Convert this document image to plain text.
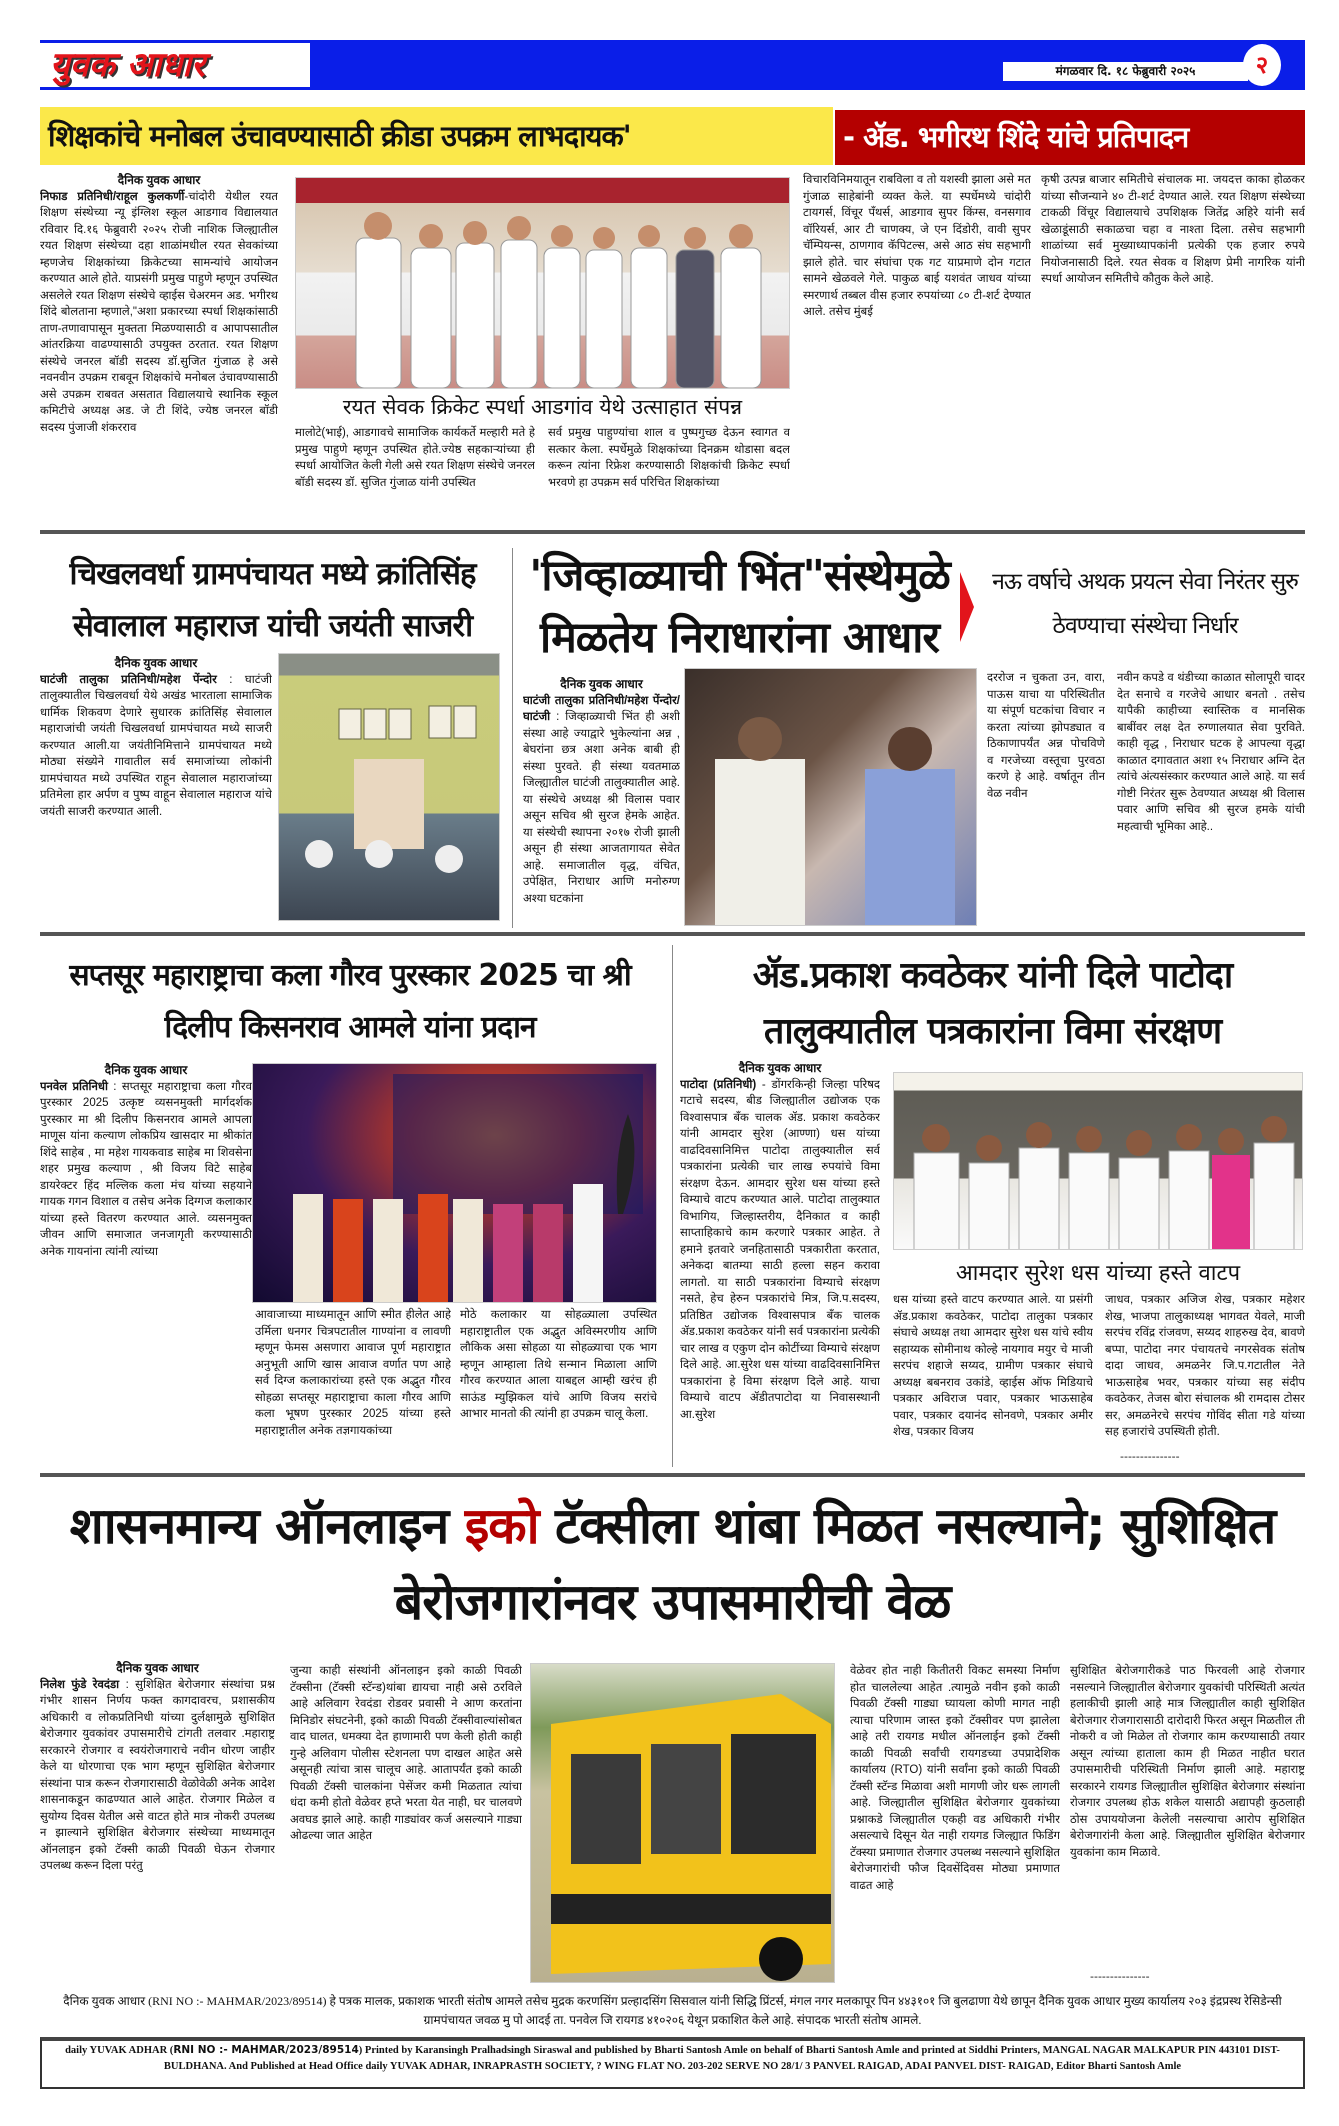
युवक आधार	मंगळवार दि. १८ फेब्रुवारी २०२५	२
शिक्षकांचे मनोबल उंचावण्यासाठी क्रीडा उपक्रम लाभदायक'	- ॲड. भगीरथ शिंदे यांचे प्रतिपादन
दैनिक युवक आधार
निफाड प्रतिनिधी/राहूल कुलकर्णी-चांदोरी येथील रयत शिक्षण संस्थेच्या न्यू इंग्लिश स्कूल आडगाव विद्यालयात रविवार दि.१६ फेब्रुवारी २०२५ रोजी नाशिक जिल्ह्यातील रयत शिक्षण संस्थेच्या दहा शाळांमधील रयत सेवकांच्या म्हणजेच शिक्षकांच्या क्रिकेटच्या सामन्यांचे आयोजन करण्यात आले होते. याप्रसंगी प्रमुख पाहुणे म्हणून उपस्थित असलेले रयत शिक्षण संस्थेचे व्हाईस चेअरमन अड. भगीरथ शिंदे बोलताना म्हणाले,"अशा प्रकारच्या स्पर्धा शिक्षकांसाठी ताण-तणावापासून मुक्तता मिळण्यासाठी व आपापसातील आंतरक्रिया वाढण्यासाठी उपयुक्त ठरतात. रयत शिक्षण संस्थेचे जनरल बॉडी सदस्य डॉ.सुजित गुंजाळ हे असे नवनवीन उपक्रम राबवून शिक्षकांचे मनोबल उंचावण्यासाठी असे उपक्रम राबवत असतात विद्यालयाचे स्थानिक स्कूल कमिटीचे अध्यक्ष अड. जे टी शिंदे, ज्येष्ठ जनरल बॉडी सदस्य पुंजाजी शंकरराव
रयत सेवक क्रिकेट स्पर्धा आडगांव येथे उत्साहात संपन्न
मालोटे(भाई), आडगावचे सामाजिक कार्यकर्ते मल्हारी मते हे प्रमुख पाहुणे म्हणून उपस्थित होते.ज्येष्ठ सहकाऱ्यांच्या ही स्पर्धा आयोजित केली गेली असे रयत शिक्षण संस्थेचे जनरल बॉडी सदस्य डॉ. सुजित गुंजाळ यांनी उपस्थित
सर्व प्रमुख पाहुण्यांचा शाल व पुष्पगुच्छ देऊन स्वागत व सत्कार केला. स्पर्धेमुळे शिक्षकांच्या दिनक्रम थोडासा बदल करून त्यांना रिफ्रेश करण्यासाठी शिक्षकांची क्रिकेट स्पर्धा भरवणे हा उपक्रम सर्व परिचित शिक्षकांच्या
विचारविनिमयातून राबविला व तो यशस्वी झाला असे मत गुंजाळ साहेबांनी व्यक्त केले. या स्पर्धेमध्ये चांदोरी टायगर्स, विंचूर पँथर्स, आडगाव सुपर किंग्स, वनसगाव वॉरियर्स, आर टी चाणक्य, जे एन दिंडोरी, वावी सुपर चॅम्पियन्स, ठाणगाव कॅपिटल्स, असे आठ संघ सहभागी झाले होते. चार संघांचा एक गट याप्रमाणे दोन गटात सामने खेळवले गेले. पाकुळ बाई यशवंत जाधव यांच्या स्मरणार्थ तब्बल वीस हजार रुपयांच्या ८० टी-शर्ट देण्यात आले. तसेच मुंबई
कृषी उत्पन्न बाजार समितीचे संचालक मा. जयदत्त काका होळकर यांच्या सौजन्याने ४० टी-शर्ट देण्यात आले. रयत शिक्षण संस्थेच्या टाकळी विंचूर विद्यालयाचे उपशिक्षक जितेंद्र अहिरे यांनी सर्व खेळाडूंसाठी सकाळचा चहा व नाश्ता दिला. तसेच सहभागी शाळांच्या सर्व मुख्याध्यापकांनी प्रत्येकी एक हजार रुपये नियोजनासाठी दिले. रयत सेवक व शिक्षण प्रेमी नागरिक यांनी स्पर्धा आयोजन समितीचे कौतुक केले आहे.
चिखलवर्धा ग्रामपंचायत मध्ये क्रांतिसिंह सेवालाल महाराज यांची जयंती साजरी
'जिव्हाळ्याची भिंत"संस्थेमुळे मिळतेय निराधारांना आधार
नऊ वर्षाचे अथक प्रयत्न सेवा निरंतर सुरु ठेवण्याचा संस्थेचा निर्धार
दैनिक युवक आधार
घाटंजी तालुका प्रतिनिधी/महेश पेंन्दोर : घाटंजी तालुक्यातील चिखलवर्धा येथे अखंड भारताला सामाजिक धार्मिक शिकवण देणारे सुधारक क्रांतिसिंह सेवालाल महाराजांची जयंती चिखलवर्धा ग्रामपंचायत मध्ये साजरी करण्यात आली.या जयंतीनिमित्ताने ग्रामपंचायत मध्ये मोठ्या संख्येने गावातील सर्व समाजांच्या लोकांनी ग्रामपंचायत मध्ये उपस्थित राहून सेवालाल महाराजांच्या प्रतिमेला हार अर्पण व पुष्प वाहून सेवालाल महाराज यांचे जयंती साजरी करण्यात आली.
दैनिक युवक आधार
घाटंजी तालुका प्रतिनिधी/महेश पेंन्दोर/घाटंजी : जिव्हाळ्याची भिंत ही अशी संस्था आहे ज्याद्वारे भुकेल्यांना अन्न , बेघरांना छत्र अशा अनेक बाबी ही संस्था पुरवते. ही संस्था यवतमाळ जिल्ह्यातील घाटंजी तालुक्यातील आहे. या संस्थेचे अध्यक्ष श्री विलास पवार असून सचिव श्री सुरज हेमके आहेत. या संस्थेची स्थापना २०१७ रोजी झाली असून ही संस्था आजतागायत सेवेत आहे. समाजातील वृद्ध, वंचित, उपेक्षित, निराधार आणि मनोरुग्ण अश्या घटकांना
दररोज न चुकता उन, वारा, पाऊस याचा या परिस्थितीत या संपूर्ण घटकांचा विचार न करता त्यांच्या झोपड्यात व ठिकाणापर्यंत अन्न पोचविणे व गरजेच्या वस्तूचा पुरवठा करणे हे आहे. वर्षातून तीन वेळ नवीन
नवीन कपडे व थंडीच्या काळात सोलापूरी चादर देत सनाचे व गरजेचे आधार बनतो . तसेच यापैकी काहीच्या स्वास्तिक व मानसिक बाबींवर लक्ष देत रुग्णालयात सेवा पुरविते. काही वृद्ध , निराधार घटक हे आपल्या वृद्धा काळात दगावतात अशा १५ निराधार अग्नि देत त्यांचे अंत्यसंस्कार करण्यात आले आहे. या सर्व गोष्टी निरंतर सुरू ठेवण्यात अध्यक्ष श्री विलास पवार आणि सचिव श्री सुरज हमके यांची महत्वाची भूमिका आहे..
सप्तसूर महाराष्ट्राचा कला गौरव पुरस्कार 2025 चा श्री दिलीप किसनराव आमले यांना प्रदान
ॲड.प्रकाश कवठेकर यांनी दिले पाटोदा तालुक्यातील पत्रकारांना विमा संरक्षण
दैनिक युवक आधार
पनवेल प्रतिनिधी : सप्तसूर महाराष्ट्राचा कला गौरव पुरस्कार 2025 उत्कृष्ट व्यसनमुक्ती मार्गदर्शक पुरस्कार मा श्री दिलीप किसनराव आमले आपला माणूस यांना कल्याण लोकप्रिय खासदार मा श्रीकांत शिंदे साहेब , मा महेश गायकवाड साहेब मा शिवसेना शहर प्रमुख कल्याण , श्री विजय विटे साहेब डायरेक्टर हिंद मल्लिक कला मंच यांच्या सहयाने गायक गगन विशाल व तसेच अनेक दिग्गज कलाकार यांच्या हस्ते वितरण करण्यात आले. व्यसनमुक्त जीवन आणि समाजात जनजागृती करण्यासाठी अनेक गायनांना त्यांनी त्यांच्या
आवाजाच्या माध्यमातून आणि स्मीत हीलेत आहे उर्मिला धनगर चित्रपटातील गाण्यांना व लावणी म्हणून फेमस असणारा आवाज पूर्ण महाराष्ट्रात अनुभूती आणि खास आवाज वर्णात पण आहे सर्व दिग्ज कलाकारांच्या हस्ते एक अद्भुत गौरव सोहळा सप्तसूर महाराष्ट्राचा काला गौरव आणि कला भूषण पुरस्कार 2025 यांच्या हस्ते महाराष्ट्रातील अनेक तज्ञगायकांच्या
मोठे कलाकार या सोहळ्याला उपस्थित महाराष्ट्रातील एक अद्भुत अविस्मरणीय आणि लौकिक असा सोहळा या सोहळ्याचा एक भाग म्हणून आम्हाला तिथे सन्मान मिळाला आणि गौरव करण्यात आला याबद्दल आम्ही खरंच ही साऊंड म्युझिकल यांचे आणि विजय सरांचे आभार मानतो की त्यांनी हा उपक्रम चालू केला.
दैनिक युवक आधार
पाटोदा (प्रतिनिधी) - डोंगरकिन्ही जिल्हा परिषद गटाचे सदस्य, बीड जिल्ह्यातील उद्योजक एक विश्वासपात्र बँक चालक ॲड. प्रकाश कवठेकर यांनी आमदार सुरेश (आण्णा) धस यांच्या वाढदिवसानिमित्त पाटोदा तालुक्यातील सर्व पत्रकारांना प्रत्येकी चार लाख रुपयांचे विमा संरक्षण देऊन. आमदार सुरेश धस यांच्या हस्ते विम्याचे वाटप करण्यात आले. पाटोदा तालुक्यात विभागिय, जिल्हास्तरीय, दैनिकात व काही साप्ताहिकाचे काम करणारे पत्रकार आहेत. ते हमाने इतवारे जनहितासाठी पत्रकारीता करतात, अनेकदा बातम्या साठी हल्ला सहन करावा लागतो. या साठी पत्रकारांना विम्याचे संरक्षण नसते, हेच हेरुन पत्रकारांचे मित्र, जि.प.सदस्य, प्रतिष्ठित उद्योजक विश्वासपात्र बँक चालक ॲड.प्रकाश कवठेकर यांनी सर्व पत्रकारांना प्रत्येकी चार लाख व एकुण दोन कोटींच्या विम्याचे संरक्षण दिले आहे. आ.सुरेश धस यांच्या वाढदिवसानिमित्त पत्रकारांना हे विमा संरक्षण दिले आहे. याचा विम्याचे वाटप ॲडीतपाटोदा या निवासस्थानी आ.सुरेश
आमदार सुरेश धस यांच्या हस्ते वाटप
धस यांच्या हस्ते वाटप करण्यात आले. या प्रसंगी ॲड.प्रकाश कवठेकर, पाटोदा तालुका पत्रकार संघाचे अध्यक्ष तथा आमदार सुरेश धस यांचे स्वीय सहाय्यक सोमीनाथ कोल्हे नायगाव मयुर चे माजी सरपंच शहाजे सय्यद, ग्रामीण पत्रकार संघाचे अध्यक्ष बबनराव उकांडे, व्हाईस ऑफ मिडियाचे पत्रकार अविराज पवार, पत्रकार भाऊसाहेब पवार, पत्रकार दयानंद सोनवणे, पत्रकार अमीर शेख, पत्रकार विजय
जाधव, पत्रकार अजिज शेख, पत्रकार महेशर शेख, भाजपा तालुकाध्यक्ष भागवत येवले, माजी सरपंच रविंद्र रांजवण, सय्यद शाहरुख देव, बावणे बप्पा, पाटोदा नगर पंचायतचे नगरसेवक संतोष दादा जाधव, अमळनेर जि.प.गटातील नेते भाऊसाहेब भवर, पत्रकार यांच्या सह संदीप कवठेकर, तेजस बोरा संचालक श्री रामदास टोसर सर, अमळनेरचे सरपंच गोविंद सीता गडे यांच्या सह हजारांचे उपस्थिती होती.
---------------
शासनमान्य ऑनलाइन इको टॅक्सीला थांबा मिळत नसल्याने; सुशिक्षित बेरोजगारांनवर उपासमारीची वेळ
दैनिक युवक आधार
निलेश फुंडे रेवदंडा : सुशिक्षित बेरोजगार संस्थांचा प्रश्न गंभीर शासन निर्णय फक्त कागदावरच, प्रशासकीय अधिकारी व लोकप्रतिनिधी यांच्या दुर्लक्षामुळे सुशिक्षित बेरोजगार युवकांवर उपासमारीचे टांगती तलवार .महाराष्ट्र सरकारने रोजगार व स्वयंरोजगाराचे नवीन धोरण जाहीर केले या धोरणाचा एक भाग म्हणून सुशिक्षित बेरोजगार संस्थांना पात्र करून रोजगारासाठी वेळोवेळी अनेक आदेश शासनाकडून काढण्यात आले आहेत. रोजगार मिळेल व सुयोग्य दिवस येतील असे वाटत होते मात्र नोकरी उपलब्ध न झाल्याने सुशिक्षित बेरोजगार संस्थेच्या माध्यमातून ऑनलाइन इको टॅक्सी काळी पिवळी घेऊन रोजगार उपलब्ध करून दिला परंतु
जुन्या काही संस्थांनी ऑनलाइन इको काळी पिवळी टॅक्सीना (टॅक्सी स्टॅन्ड)थांबा द्यायचा नाही असे ठरविले आहे अलिवाग रेवदंडा रोडवर प्रवासी ने आण करतांना मिनिडोर संघटनेनी, इको काळी पिवळी टॅक्सीवाल्यांसोबत वाद घालत, धमक्या देत हाणामारी पण केली होती काही गुन्हे अलिवाग पोलीस स्टेशनला पण दाखल आहेत असे असूनही त्यांचा त्रास चालूच आहे. आतापर्यंत इको काळी पिवळी टॅक्सी चालकांना पेसेंजर कमी मिळतात त्यांचा धंदा कमी होतो वेळेवर हप्ते भरता येत नाही, घर चालवणे अवघड झाले आहे. काही गाड्यांवर कर्ज असल्याने गाड्या ओढल्या जात आहेत
वेळेवर होत नाही कितीतरी विकट समस्या निर्माण होत चाललेल्या आहेत .त्यामुळे नवीन इको काळी पिवळी टॅक्सी गाड्या घ्यायला कोणी मागत नाही त्याचा परिणाम जास्त इको टॅक्सीवर पण झालेला आहे तरी रायगड मधील ऑनलाईन इको टॅक्सी काळी पिवळी सर्वांची रायगडच्या उपप्रादेशिक कार्यालय (RTO) यांनी सर्वांना इको काळी पिवळी टॅक्सी स्टॅन्ड मिळावा अशी मागणी जोर धरू लागली आहे. जिल्ह्यातील सुशिक्षित बेरोजगार युवकांच्या प्रश्नाकडे जिल्ह्यातील एकही वड अधिकारी गंभीर असल्याचे दिसून येत नाही रायगड जिल्ह्यात फिडिंग टॅक्स्या प्रमाणात रोजगार उपलब्ध नसल्याने सुशिक्षित बेरोजगारांची फौज दिवसेंदिवस मोठ्या प्रमाणात वाढत आहे
सुशिक्षित बेरोजगारीकडे पाठ फिरवली आहे रोजगार नसल्याने जिल्ह्यातील बेरोजगार युवकांची परिस्थिती अत्यंत हलाकीची झाली आहे मात्र जिल्ह्यातील काही सुशिक्षित बेरोजगार रोजगारासाठी दारोदारी फिरत असून मिळतील ती नोकरी व जो मिळेल तो रोजगार काम करण्यासाठी तयार असून त्यांच्या हाताला काम ही मिळत नाहीत घरात उपासमारीची परिस्थिती निर्माण झाली आहे. महाराष्ट्र सरकारने रायगड जिल्ह्यातील सुशिक्षित बेरोजगार संस्थांना रोजगार उपलब्ध होऊ शकेल यासाठी अद्यापही कुठलाही ठोस उपाययोजना केलेली नसल्याचा आरोप सुशिक्षित बेरोजगारांनी केला आहे. जिल्ह्यातील सुशिक्षित बेरोजगार युवकांना काम मिळावे.
---------------
दैनिक युवक आधार (RNI NO :- MAHMAR/2023/89514) हे पत्रक मालक, प्रकाशक भारती संतोष आमले तसेच मुद्रक करणसिंग प्रल्हादसिंग सिसवाल यांनी सिद्धि प्रिंटर्स, मंगल नगर मलकापूर पिन ४४३१०१ जि बुलढाणा येथे छापून दैनिक युवक आधार मुख्य कार्यालय २०३ इंद्रप्रस्थ रेसिडेन्सी ग्रामपंचायत जवळ मु पो आदई ता. पनवेल जि रायगड ४१०२०६ येथून प्रकाशित केले आहे. संपादक भारती संतोष आमले.
daily YUVAK ADHAR (RNI NO :- MAHMAR/2023/89514) Printed by Karansingh Pralhadsingh Siraswal and published by Bharti Santosh Amle on behalf of Bharti Santosh Amle and printed at Siddhi Printers, MANGAL NAGAR MALKAPUR PIN 443101 DIST- BULDHANA. And Published at Head Office daily YUVAK ADHAR, INRAPRASTH SOCIETY, ? WING FLAT NO. 203-202 SERVE NO 28/1/ 3 PANVEL RAIGAD, ADAI PANVEL DIST- RAIGAD, Editor Bharti Santosh Amle
